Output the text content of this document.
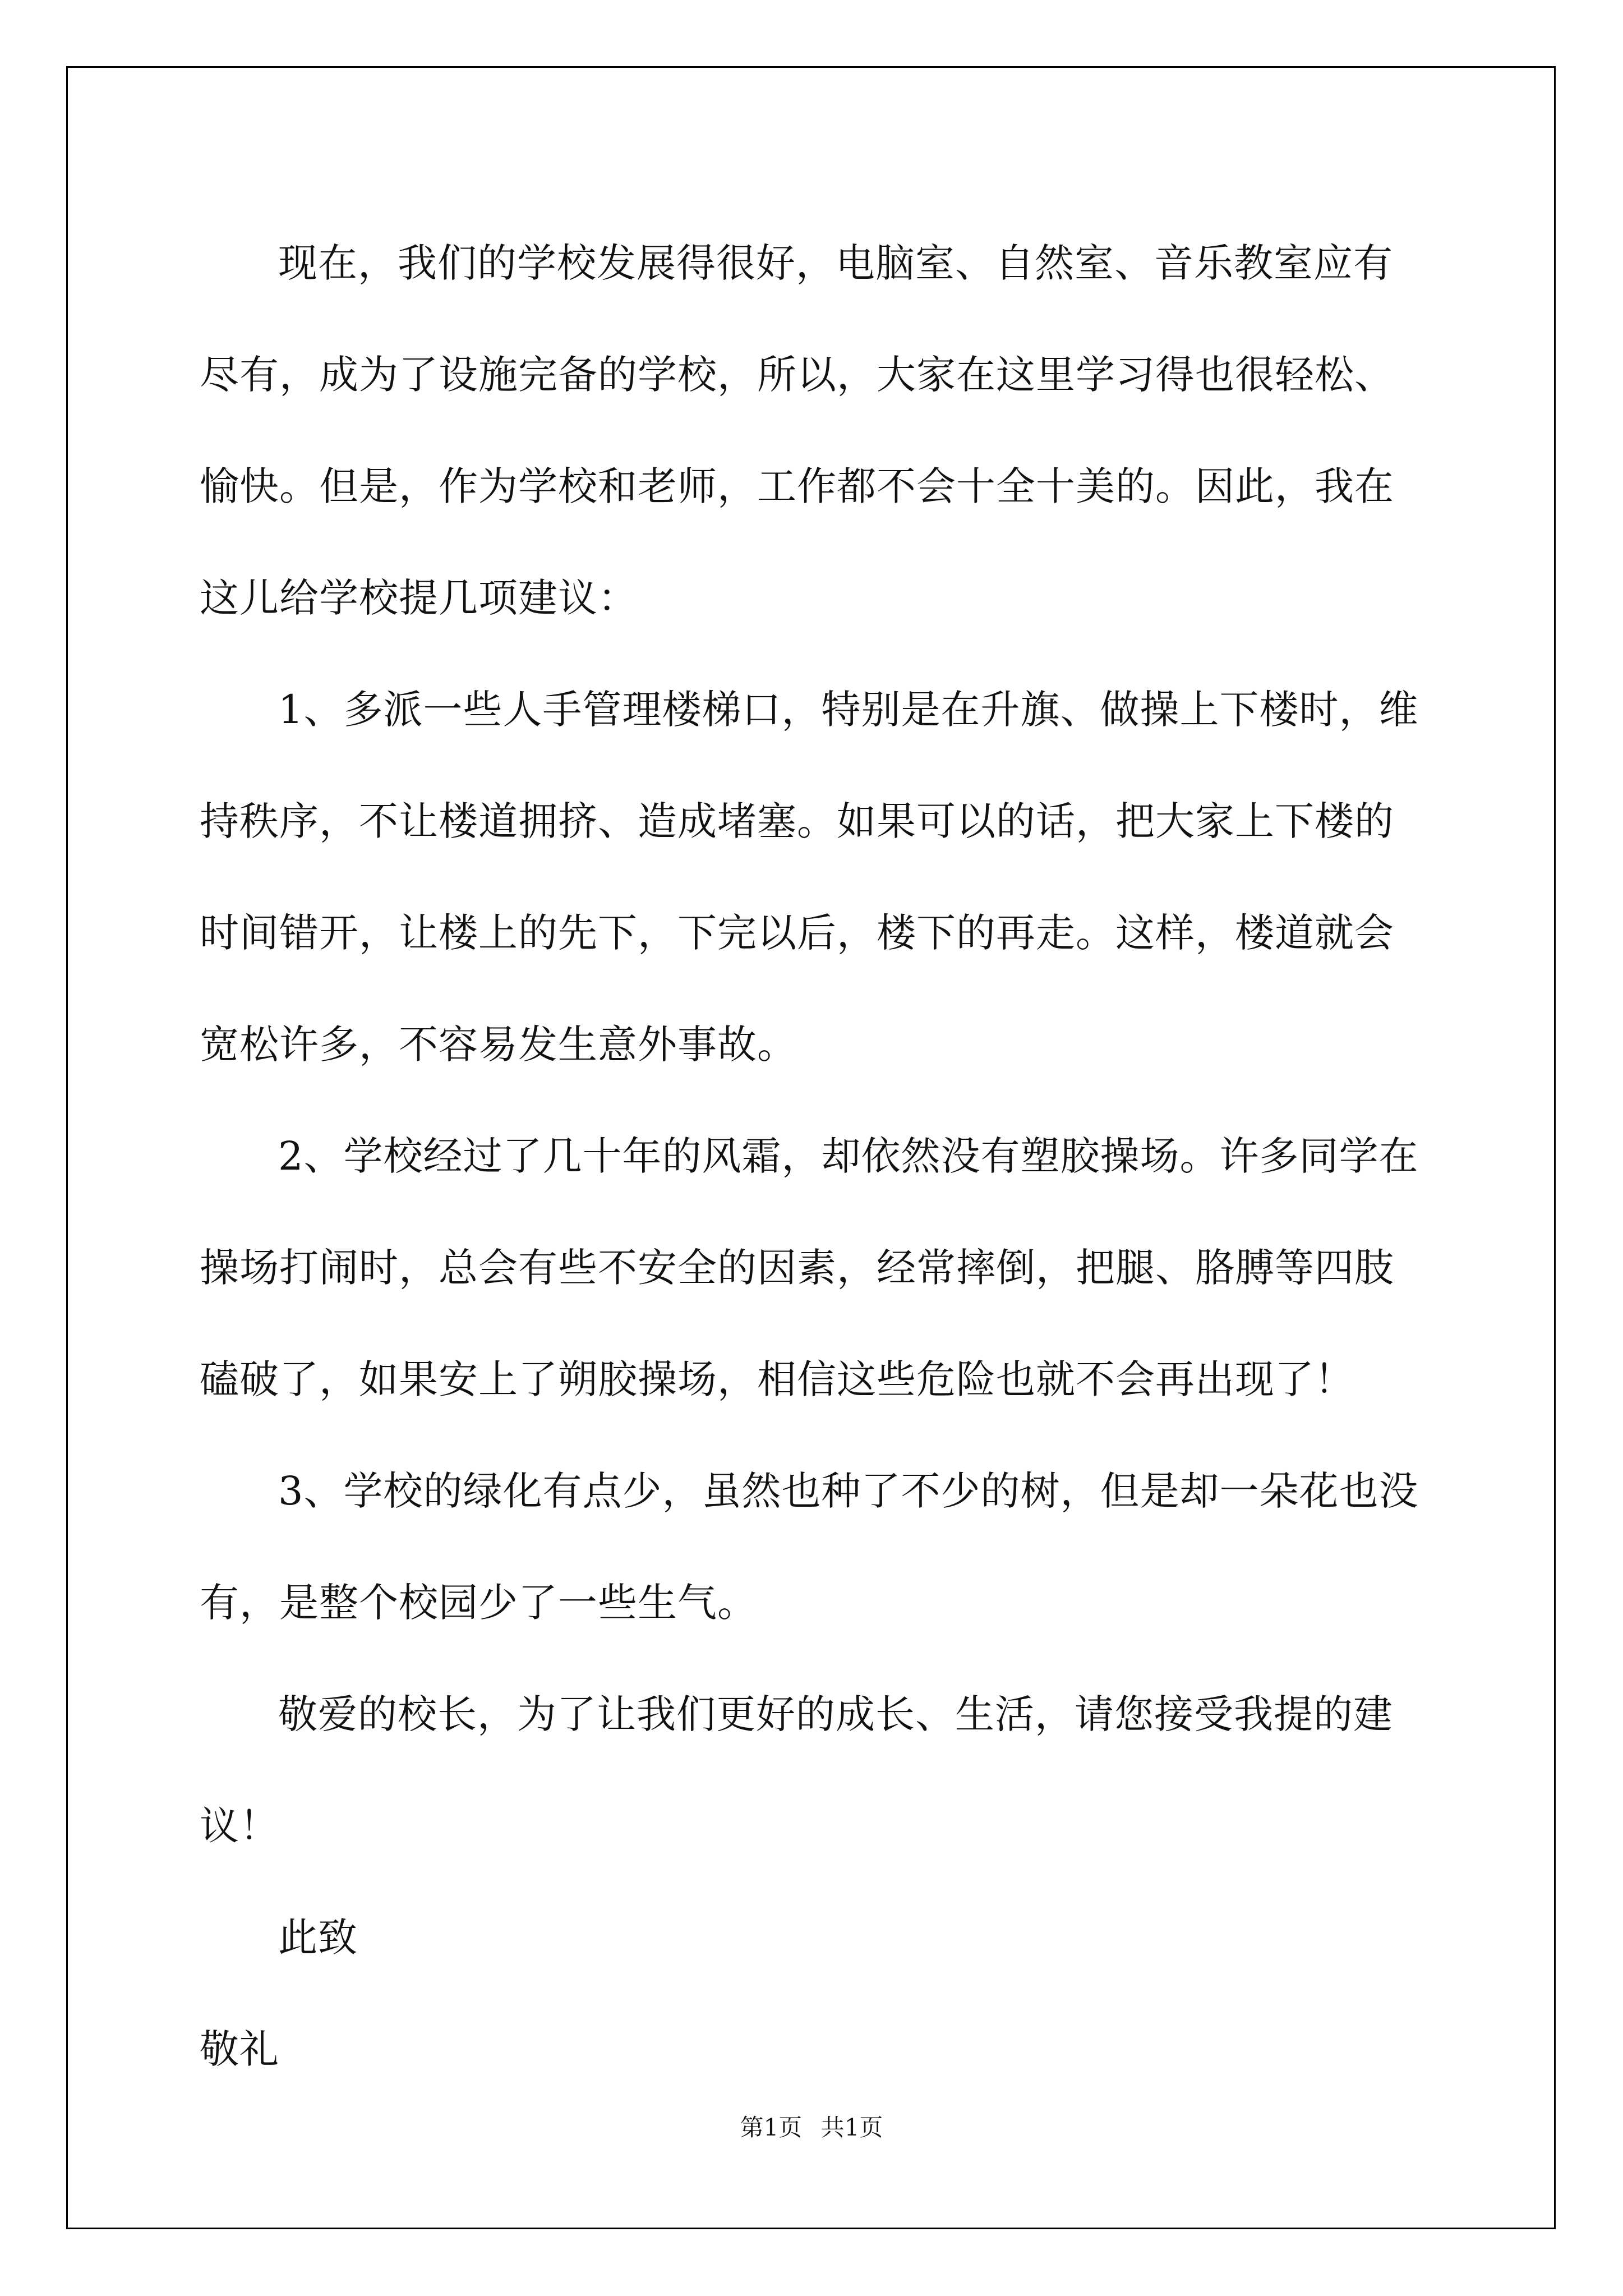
现在，我们的学校发展得很好，电脑室、自然室、音乐教室应有尽有，成为了设施完备的学校，所以，大家在这里学习得也很轻松、愉快。但是，作为学校和老师，工作都不会十全十美的。因此，我在这儿给学校提几项建议：

1、多派一些人手管理楼梯口，特别是在升旗、做操上下楼时，维持秩序，不让楼道拥挤、造成堵塞。如果可以的话，把大家上下楼的时间错开，让楼上的先下，下完以后，楼下的再走。这样，楼道就会宽松许多，不容易发生意外事故。

2、学校经过了几十年的风霜，却依然没有塑胶操场。许多同学在操场打闹时，总会有些不安全的因素，经常摔倒，把腿、胳膊等四肢磕破了，如果安上了朔胶操场，相信这些危险也就不会再出现了！

3、学校的绿化有点少，虽然也种了不少的树，但是却一朵花也没有，是整个校园少了一些生气。

敬爱的校长，为了让我们更好的成长、生活，请您接受我提的建议！

此致

敬礼

第1页 共1页
